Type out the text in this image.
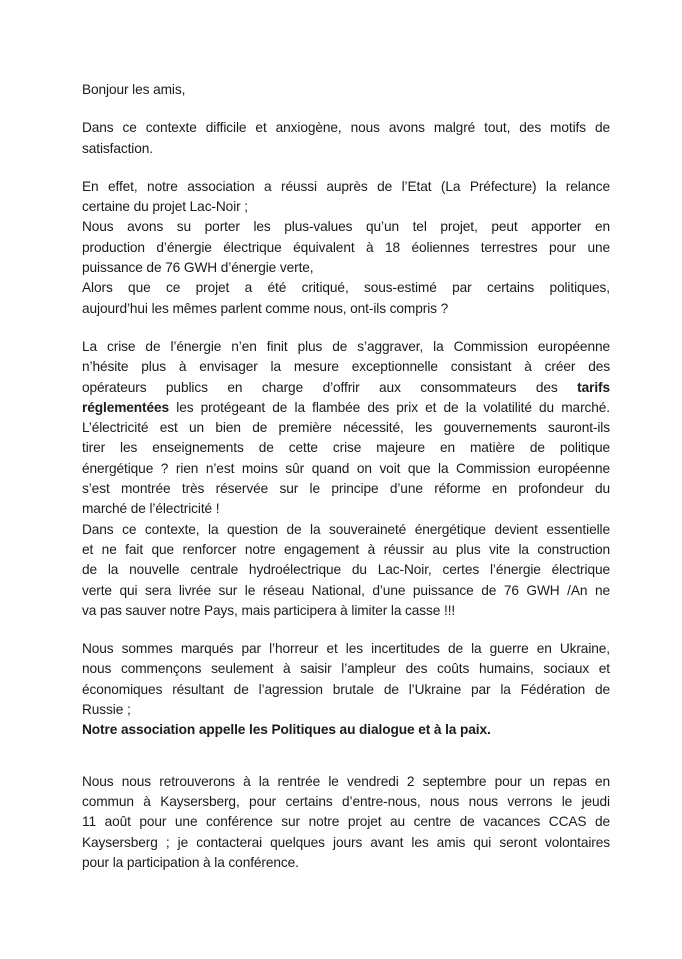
Bonjour les amis,
Dans ce contexte difficile et anxiogène, nous avons malgré tout, des motifs de
satisfaction.
En effet, notre association a réussi auprès de l’Etat (La Préfecture) la relance
certaine du projet Lac-Noir ;
Nous avons su porter les plus-values qu’un tel projet, peut apporter en
production d’énergie électrique équivalent à 18 éoliennes terrestres pour une
puissance de 76 GWH d’énergie verte,
Alors que ce projet a été critiqué, sous-estimé par certains politiques,
aujourd’hui les mêmes parlent comme nous, ont-ils compris ?
La crise de l’énergie n’en finit plus de s’aggraver, la Commission européenne
n’hésite plus à envisager la mesure exceptionnelle consistant à créer des
opérateurs publics en charge d’offrir aux consommateurs des tarifs
réglementées les protégeant de la flambée des prix et de la volatilité du marché.
L’électricité est un bien de première nécessité, les gouvernements sauront-ils
tirer les enseignements de cette crise majeure en matière de politique
énergétique ? rien n’est moins sûr quand on voit que la Commission européenne
s’est montrée très réservée sur le principe d’une réforme en profondeur du
marché de l’électricité !
Dans ce contexte, la question de la souveraineté énergétique devient essentielle
et ne fait que renforcer notre engagement à réussir au plus vite la construction
de la nouvelle centrale hydroélectrique du Lac-Noir, certes l’énergie électrique
verte qui sera livrée sur le réseau National, d’une puissance de 76 GWH /An ne
va pas sauver notre Pays, mais participera à limiter la casse !!!
Nous sommes marqués par l’horreur et les incertitudes de la guerre en Ukraine,
nous commençons seulement à saisir l’ampleur des coûts humains, sociaux et
économiques résultant de l’agression brutale de l’Ukraine par la Fédération de
Russie ;
Notre association appelle les Politiques au dialogue et à la paix.
Nous nous retrouverons à la rentrée le vendredi 2 septembre pour un repas en
commun à Kaysersberg, pour certains d’entre-nous, nous nous verrons le jeudi
11 août pour une conférence sur notre projet au centre de vacances CCAS de
Kaysersberg ; je contacterai quelques jours avant les amis qui seront volontaires
pour la participation à la conférence.
